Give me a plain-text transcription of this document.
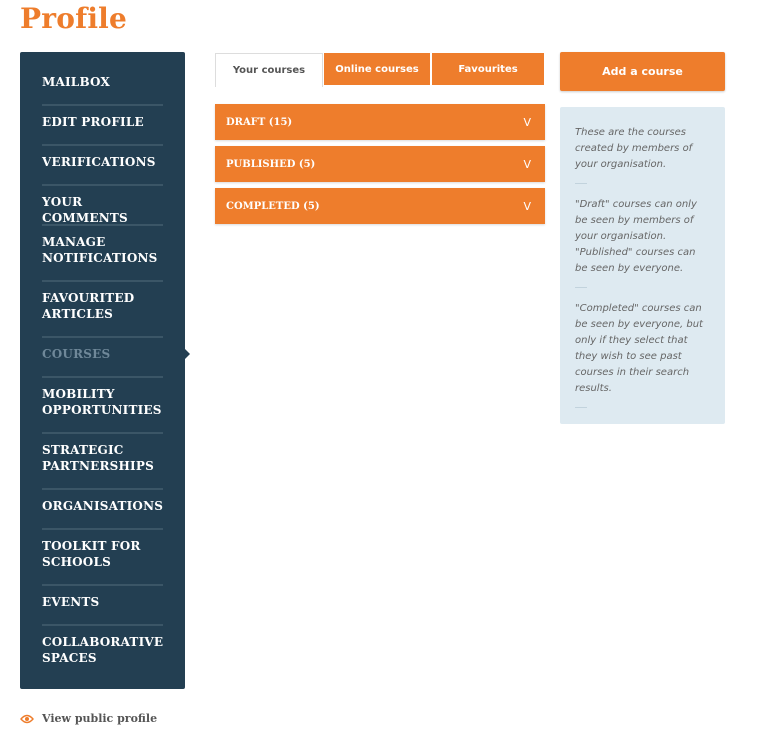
Profile
MAILBOX
EDIT PROFILE
VERIFICATIONS
YOUR COMMENTS
MANAGE NOTIFICATIONS
FAVOURITED ARTICLES
COURSES
MOBILITY OPPORTUNITIES
STRATEGIC PARTNERSHIPS
ORGANISATIONS
TOOLKIT FOR SCHOOLS
EVENTS
COLLABORATIVE SPACES
View public profile
Your courses	Online courses	Favourites
DRAFT (15)	V
PUBLISHED (5)	V
COMPLETED (5)	V
Add a course

These are the courses created by members of your organisation.

"Draft" courses can only be seen by members of your organisation. "Published" courses can be seen by everyone.

"Completed" courses can be seen by everyone, but only if they select that they wish to see past courses in their search results.
